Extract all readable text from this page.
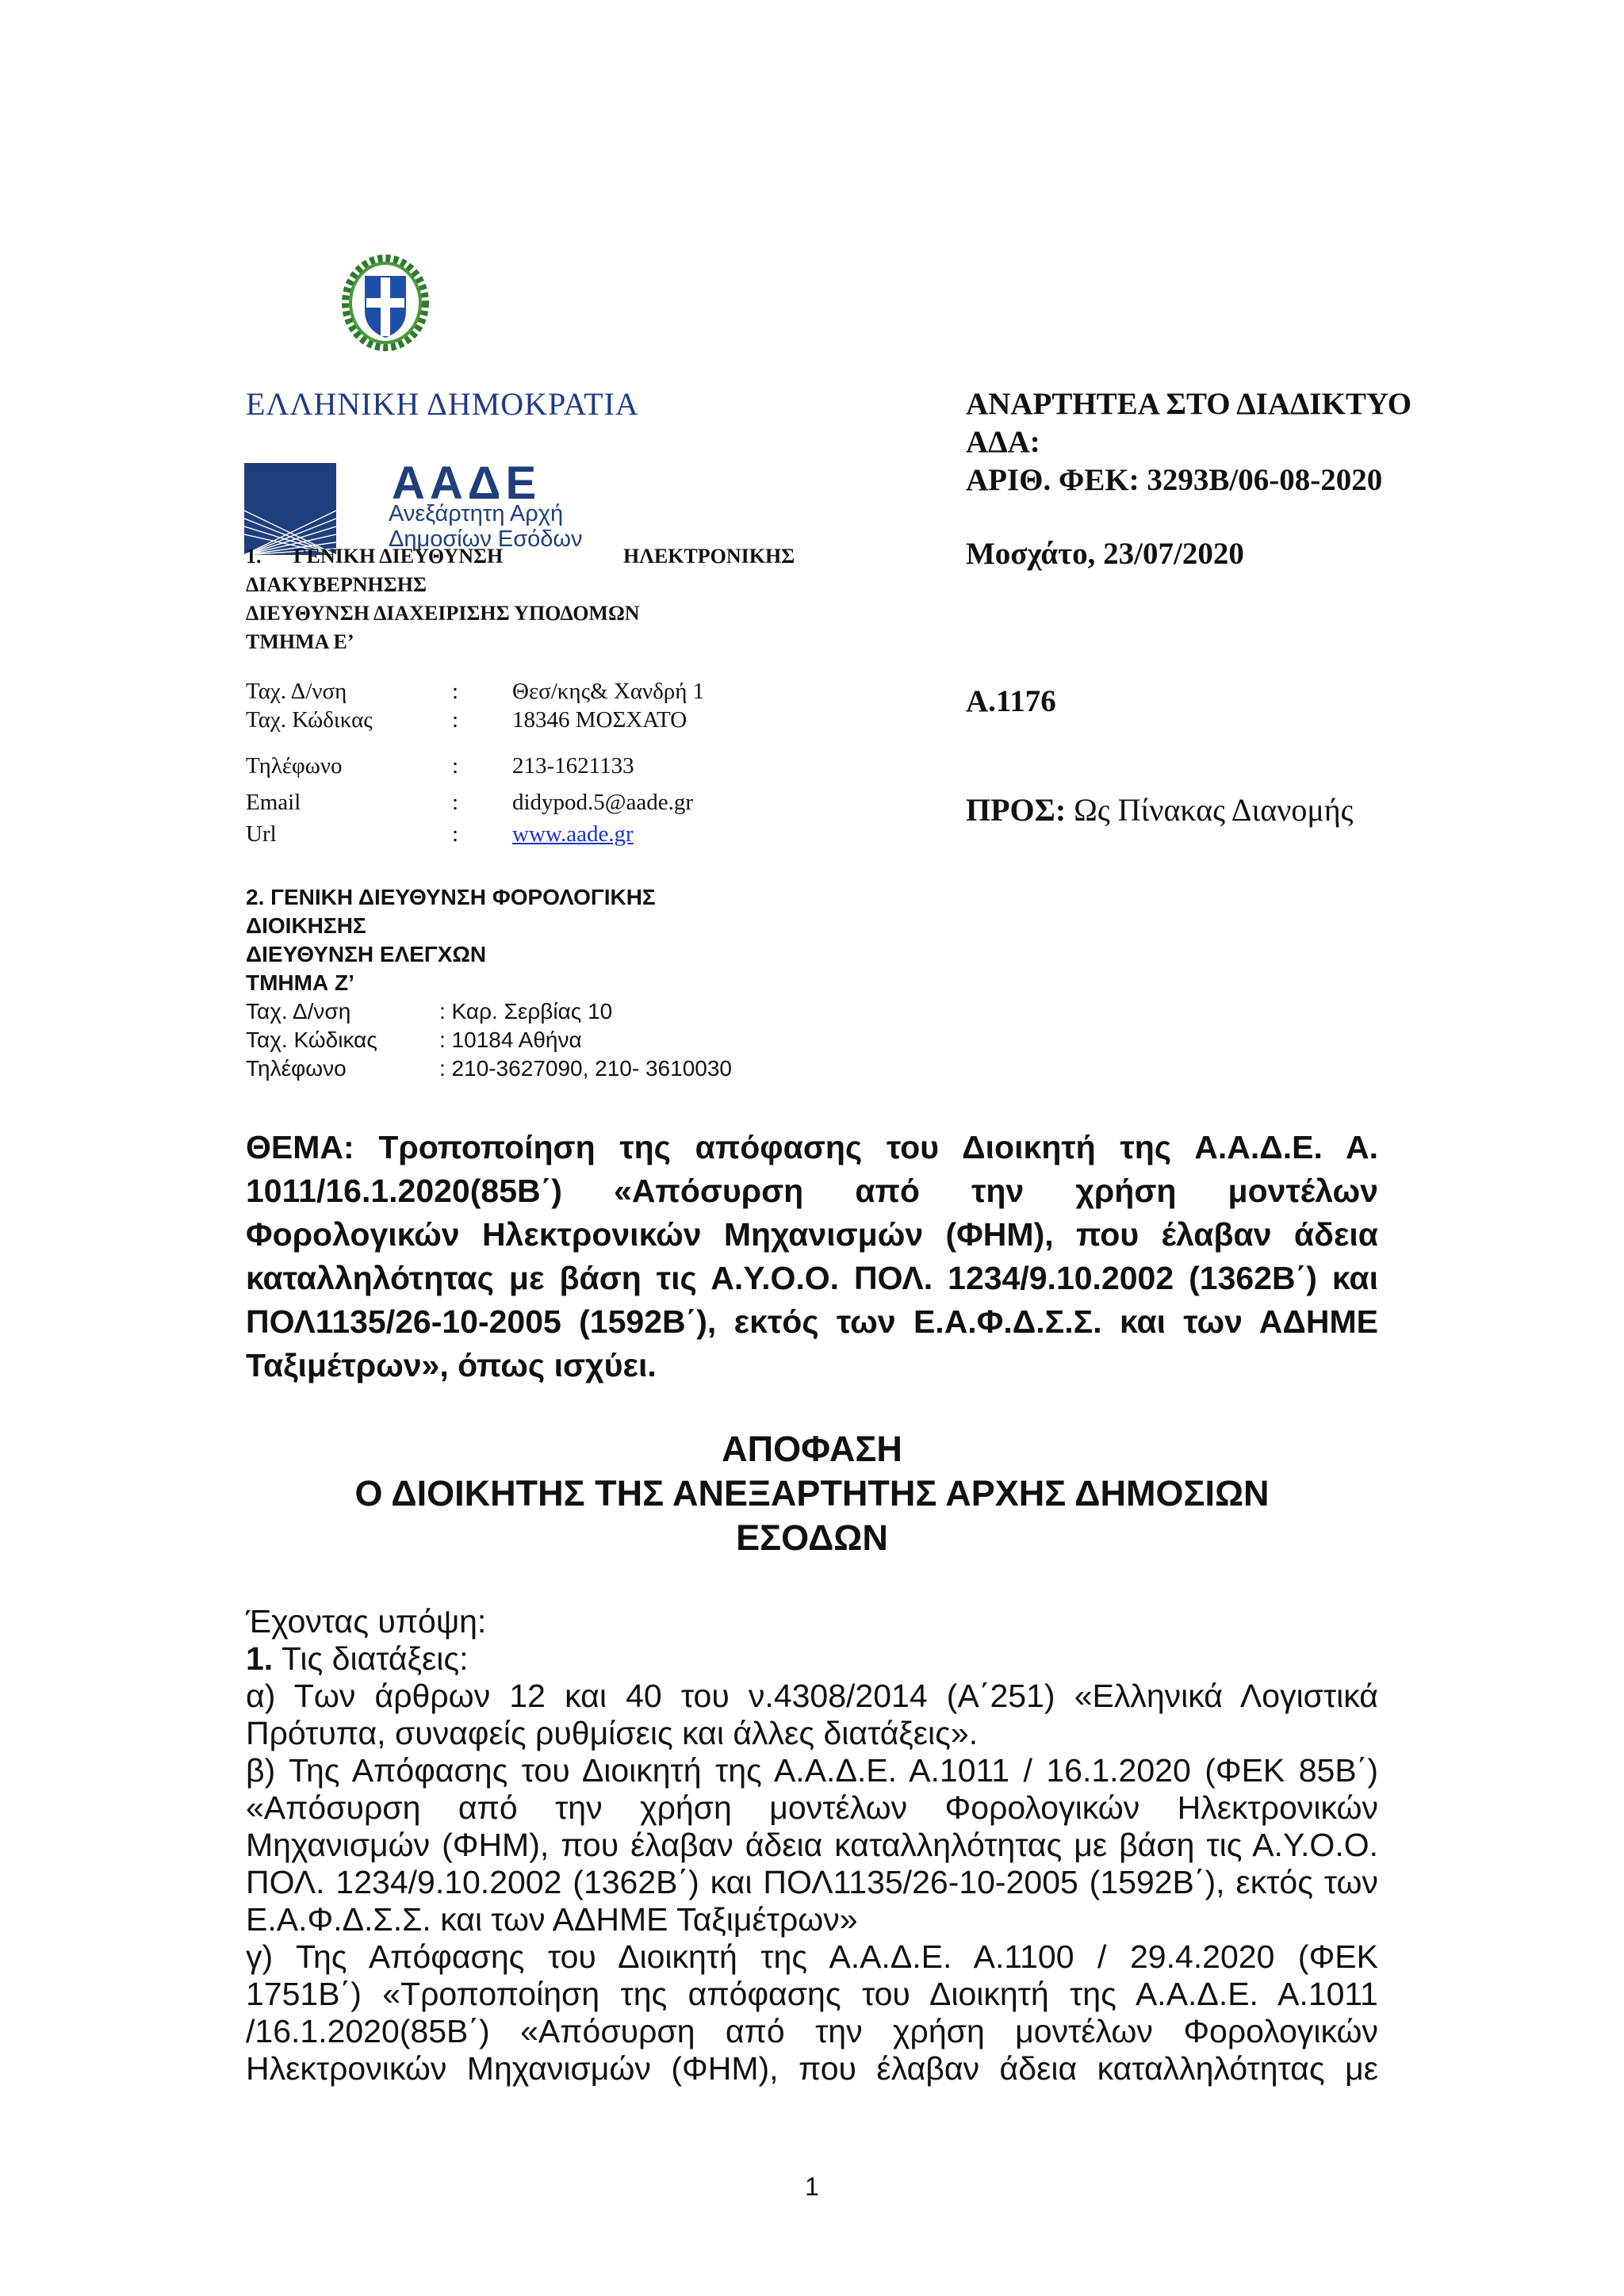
ΕΛΛΗΝΙΚΗ ΔΗΜΟΚΡΑΤΙΑ
ΑΑΔΕ
Ανεξάρτητη Αρχή
Δημοσίων Εσόδων
1. ΓΕΝΙΚΗ ΔΙΕΥΘΥΝΣΗ	ΗΛΕΚΤΡΟΝΙΚΗΣ
ΔΙΑΚΥΒΕΡΝΗΣΗΣ
ΔΙΕΥΘΥΝΣΗ ΔΙΑΧΕΙΡΙΣΗΣ ΥΠΟΔΟΜΩΝ
ΤΜΗΜΑ Ε’
Ταχ. Δ/νση	: Θεσ/κης& Χανδρή 1
Ταχ. Κώδικας	: 18346 ΜΟΣΧΑΤΟ
Τηλέφωνο	: 213-1621133
Email	: didypod.5@aade.gr
Url	: www.aade.gr
2. ΓΕΝΙΚΗ ΔΙΕΥΘΥΝΣΗ ΦΟΡΟΛΟΓΙΚΗΣ
ΔΙΟΙΚΗΣΗΣ
ΔΙΕΥΘΥΝΣΗ ΕΛΕΓΧΩΝ
ΤΜΗΜΑ Ζ’
Ταχ. Δ/νση	: Καρ. Σερβίας 10
Ταχ. Κώδικας	: 10184 Αθήνα
Τηλέφωνο	: 210-3627090, 210- 3610030
ΑΝΑΡΤΗΤΕΑ ΣΤΟ ΔΙΑΔΙΚΤΥΟ
ΑΔΑ:
ΑΡΙΘ. ΦΕΚ: 3293Β/06-08-2020
Μοσχάτο, 23/07/2020
Α.1176
ΠΡΟΣ: Ως Πίνακας Διανομής
ΘΕΜΑ: Τροποποίηση της απόφασης του Διοικητή της Α.Α.Δ.Ε. Α.
1011/16.1.2020(85Β΄) «Απόσυρση από την χρήση μοντέλων
Φορολογικών Ηλεκτρονικών Μηχανισμών (ΦΗΜ), που έλαβαν άδεια
καταλληλότητας με βάση τις Α.Υ.Ο.Ο. ΠΟΛ. 1234/9.10.2002 (1362Β΄) και
ΠΟΛ1135/26-10-2005 (1592Β΄), εκτός των Ε.Α.Φ.Δ.Σ.Σ. και των ΑΔΗΜΕ
Ταξιμέτρων», όπως ισχύει.
ΑΠΟΦΑΣΗ
Ο ΔΙΟΙΚΗΤΗΣ ΤΗΣ ΑΝΕΞΑΡΤΗΤΗΣ ΑΡΧΗΣ ΔΗΜΟΣΙΩΝ
ΕΣΟΔΩΝ
Έχοντας υπόψη:
1. Τις διατάξεις:
α) Των άρθρων 12 και 40 του ν.4308/2014 (Α΄251) «Ελληνικά Λογιστικά
Πρότυπα, συναφείς ρυθμίσεις και άλλες διατάξεις».
β) Της Απόφασης του Διοικητή της Α.Α.Δ.Ε. Α.1011 / 16.1.2020 (ΦΕΚ 85Β΄)
«Απόσυρση από την χρήση μοντέλων Φορολογικών Ηλεκτρονικών
Μηχανισμών (ΦΗΜ), που έλαβαν άδεια καταλληλότητας με βάση τις Α.Υ.Ο.Ο.
ΠΟΛ. 1234/9.10.2002 (1362Β΄) και ΠΟΛ1135/26-10-2005 (1592Β΄), εκτός των
Ε.Α.Φ.Δ.Σ.Σ. και των ΑΔΗΜΕ Ταξιμέτρων»
γ) Της Απόφασης του Διοικητή της Α.Α.Δ.Ε. Α.1100 / 29.4.2020 (ΦΕΚ
1751Β΄) «Τροποποίηση της απόφασης του Διοικητή της Α.Α.Δ.Ε. Α.1011
/16.1.2020(85Β΄) «Απόσυρση από την χρήση μοντέλων Φορολογικών
Ηλεκτρονικών Μηχανισμών (ΦΗΜ), που έλαβαν άδεια καταλληλότητας με
1
